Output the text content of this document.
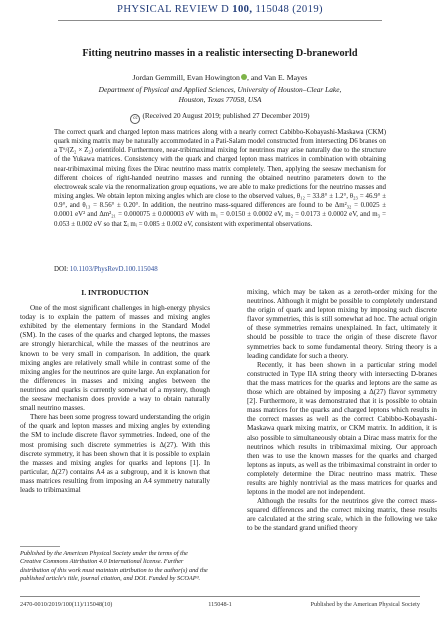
PHYSICAL REVIEW D 100, 115048 (2019)
Fitting neutrino masses in a realistic intersecting D-braneworld
Jordan Gemmill, Evan Howington , and Van E. Mayes
Department of Physical and Applied Sciences, University of Houston–Clear Lake,
Houston, Texas 77058, USA
cc (Received 20 August 2019; published 27 December 2019)

The correct quark and charged lepton mass matrices along with a nearly correct Cabibbo-Kobayashi-Maskawa (CKM) quark mixing matrix may be naturally accommodated in a Pati-Salam model constructed from intersecting D6 branes on a T⁶/(Z₂ × Z₂) orientifold. Furthermore, near-tribimaximal mixing for neutrinos may arise naturally due to the structure of the Yukawa matrices. Consistency with the quark and charged lepton mass matrices in combination with obtaining near-tribimaximal mixing fixes the Dirac neutrino mass matrix completely. Then, applying the seesaw mechanism for different choices of right-handed neutrino masses and running the obtained neutrino parameters down to the electroweak scale via the renormalization group equations, we are able to make predictions for the neutrino masses and mixing angles. We obtain lepton mixing angles which are close to the observed values, θ₁₂ = 33.8° ± 1.2°, θ₂₃ = 46.9° ± 0.9°, and θ₁₃ = 8.56° ± 0.20°. In addition, the neutrino mass-squared differences are found to be Δm²₃₂ = 0.0025 ± 0.0001 eV² and Δm²₂₁ = 0.000075 ± 0.000003 eV with m₁ = 0.0150 ± 0.0002 eV, m₂ = 0.0173 ± 0.0002 eV, and m₃ = 0.053 ± 0.002 eV so that Σᵢ mᵢ = 0.085 ± 0.002 eV, consistent with experimental observations.

DOI: 10.1103/PhysRevD.100.115048
I. INTRODUCTION

One of the most significant challenges in high-energy physics today is to explain the pattern of masses and mixing angles exhibited by the elementary fermions in the Standard Model (SM). In the cases of the quarks and charged leptons, the masses are strongly hierarchical, while the masses of the neutrinos are known to be very small in comparison. In addition, the quark mixing angles are relatively small while in contrast some of the mixing angles for the neutrinos are quite large. An explanation for the differences in masses and mixing angles between the neutrinos and quarks is currently somewhat of a mystery, though the seesaw mechanism does provide a way to obtain naturally small neutrino masses.

There has been some progress toward understanding the origin of the quark and lepton masses and mixing angles by extending the SM to include discrete flavor symmetries. Indeed, one of the most promising such discrete symmetries is Δ(27). With this discrete symmetry, it has been shown that it is possible to explain the masses and mixing angles for quarks and leptons [1]. In particular, Δ(27) contains A4 as a subgroup, and it is known that mass matrices resulting from imposing an A4 symmetry naturally leads to tribimaximal

mixing, which may be taken as a zeroth-order mixing for the neutrinos. Although it might be possible to completely understand the origin of quark and lepton mixing by imposing such discrete flavor symmetries, this is still somewhat ad hoc. The actual origin of these symmetries remains unexplained. In fact, ultimately it should be possible to trace the origin of these discrete flavor symmetries back to some fundamental theory. String theory is a leading candidate for such a theory.

Recently, it has been shown in a particular string model constructed in Type IIA string theory with intersecting D-branes that the mass matrices for the quarks and leptons are the same as those which are obtained by imposing a Δ(27) flavor symmetry [2]. Furthermore, it was demonstrated that it is possible to obtain mass matrices for the quarks and charged leptons which results in the correct masses as well as the correct Cabibbo-Kobayashi-Maskawa quark mixing matrix, or CKM matrix. In addition, it is also possible to simultaneously obtain a Dirac mass matrix for the neutrinos which results in tribimaximal mixing. Our approach then was to use the known masses for the quarks and charged leptons as inputs, as well as the tribimaximal constraint in order to completely determine the Dirac neutrino mass matrix. These results are highly nontrivial as the mass matrices for quarks and leptons in the model are not independent.

Although the results for the neutrinos give the correct mass-squared differences and the correct mixing matrix, these results are calculated at the string scale, which in the following we take to be the standard grand unified theory

Published by the American Physical Society under the terms of the Creative Commons Attribution 4.0 International license. Further distribution of this work must maintain attribution to the author(s) and the published article's title, journal citation, and DOI. Funded by SCOAP³.
2470-0010/2019/100(11)/115048(10)	115048-1	Published by the American Physical Society
